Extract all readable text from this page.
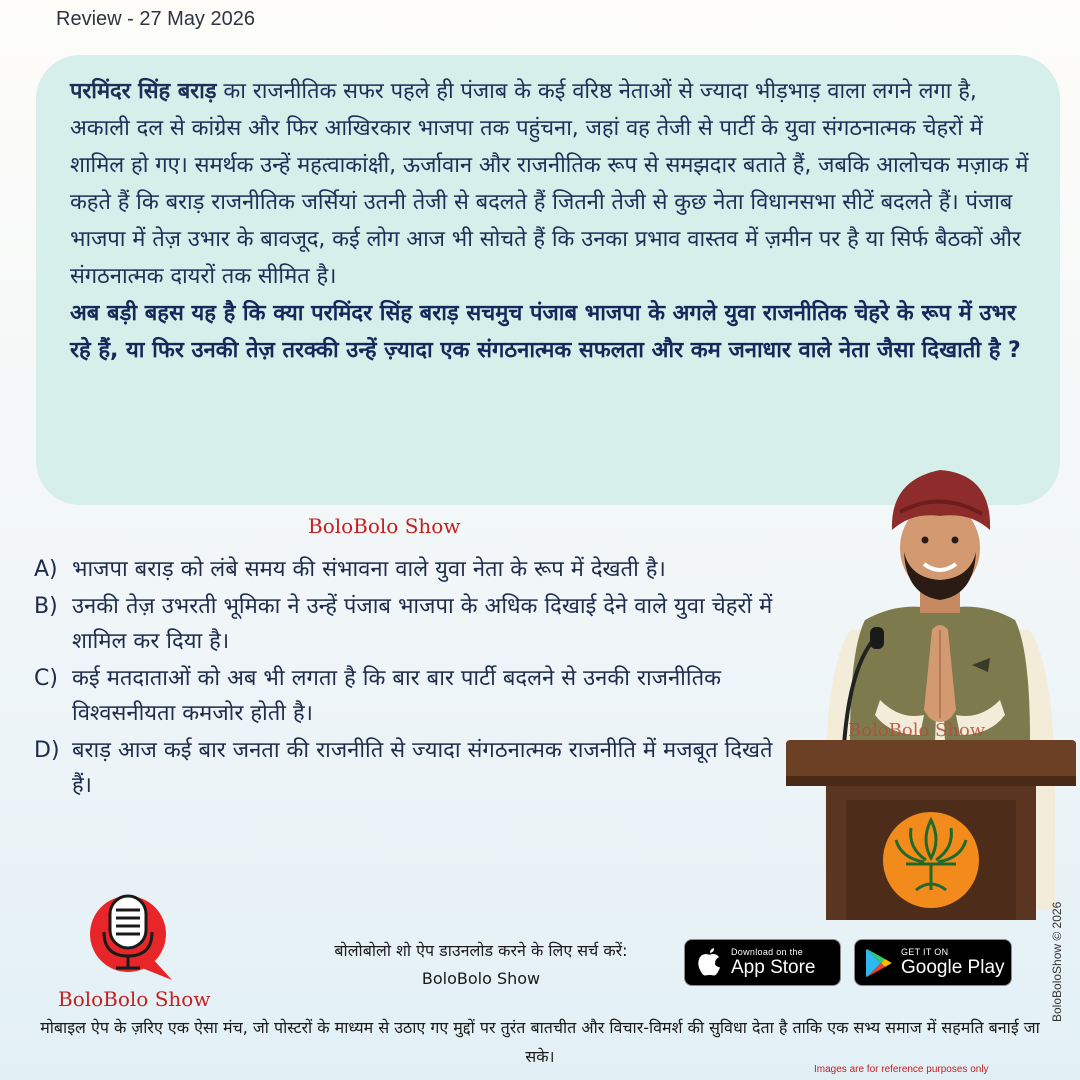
Review - 27 May 2026

परमिंदर सिंह बराड़ का राजनीतिक सफर पहले ही पंजाब के कई वरिष्ठ नेताओं से ज्यादा भीड़भाड़ वाला लगने लगा है, अकाली दल से कांग्रेस और फिर आखिरकार भाजपा तक पहुंचना, जहां वह तेजी से पार्टी के युवा संगठनात्मक चेहरों में शामिल हो गए। समर्थक उन्हें महत्वाकांक्षी, ऊर्जावान और राजनीतिक रूप से समझदार बताते हैं, जबकि आलोचक मज़ाक में कहते हैं कि बराड़ राजनीतिक जर्सियां उतनी तेजी से बदलते हैं जितनी तेजी से कुछ नेता विधानसभा सीटें बदलते हैं। पंजाब भाजपा में तेज़ उभार के बावजूद, कई लोग आज भी सोचते हैं कि उनका प्रभाव वास्तव में ज़मीन पर है या सिर्फ बैठकों और संगठनात्मक दायरों तक सीमित है।

अब बड़ी बहस यह है कि क्या परमिंदर सिंह बराड़ सचमुच पंजाब भाजपा के अगले युवा राजनीतिक चेहरे के रूप में उभर रहे हैं, या फिर उनकी तेज़ तरक्की उन्हें ज़्यादा एक संगठनात्मक सफलता और कम जनाधार वाले नेता जैसा दिखाती है ?

BoloBolo Show
A) भाजपा बराड़ को लंबे समय की संभावना वाले युवा नेता के रूप में देखती है।
B) उनकी तेज़ उभरती भूमिका ने उन्हें पंजाब भाजपा के अधिक दिखाई देने वाले युवा चेहरों में शामिल कर दिया है।
C) कई मतदाताओं को अब भी लगता है कि बार बार पार्टी बदलने से उनकी राजनीतिक विश्वसनीयता कमजोर होती है।
D) बराड़ आज कई बार जनता की राजनीति से ज्यादा संगठनात्मक राजनीति में मजबूत दिखते हैं।
BoloBolo Show
BoloBolo Show
बोलोबोलो शो ऐप डाउनलोड करने के लिए सर्च करें:
BoloBolo Show
Download on the
App Store
GET IT ON
Google Play
मोबाइल ऐप के ज़रिए एक ऐसा मंच, जो पोस्टरों के माध्यम से उठाए गए मुद्दों पर तुरंत बातचीत और विचार-विमर्श की सुविधा देता है ताकि एक सभ्य समाज में सहमति बनाई जा सके।
BoloBoloShow © 2026
Images are for reference purposes only
